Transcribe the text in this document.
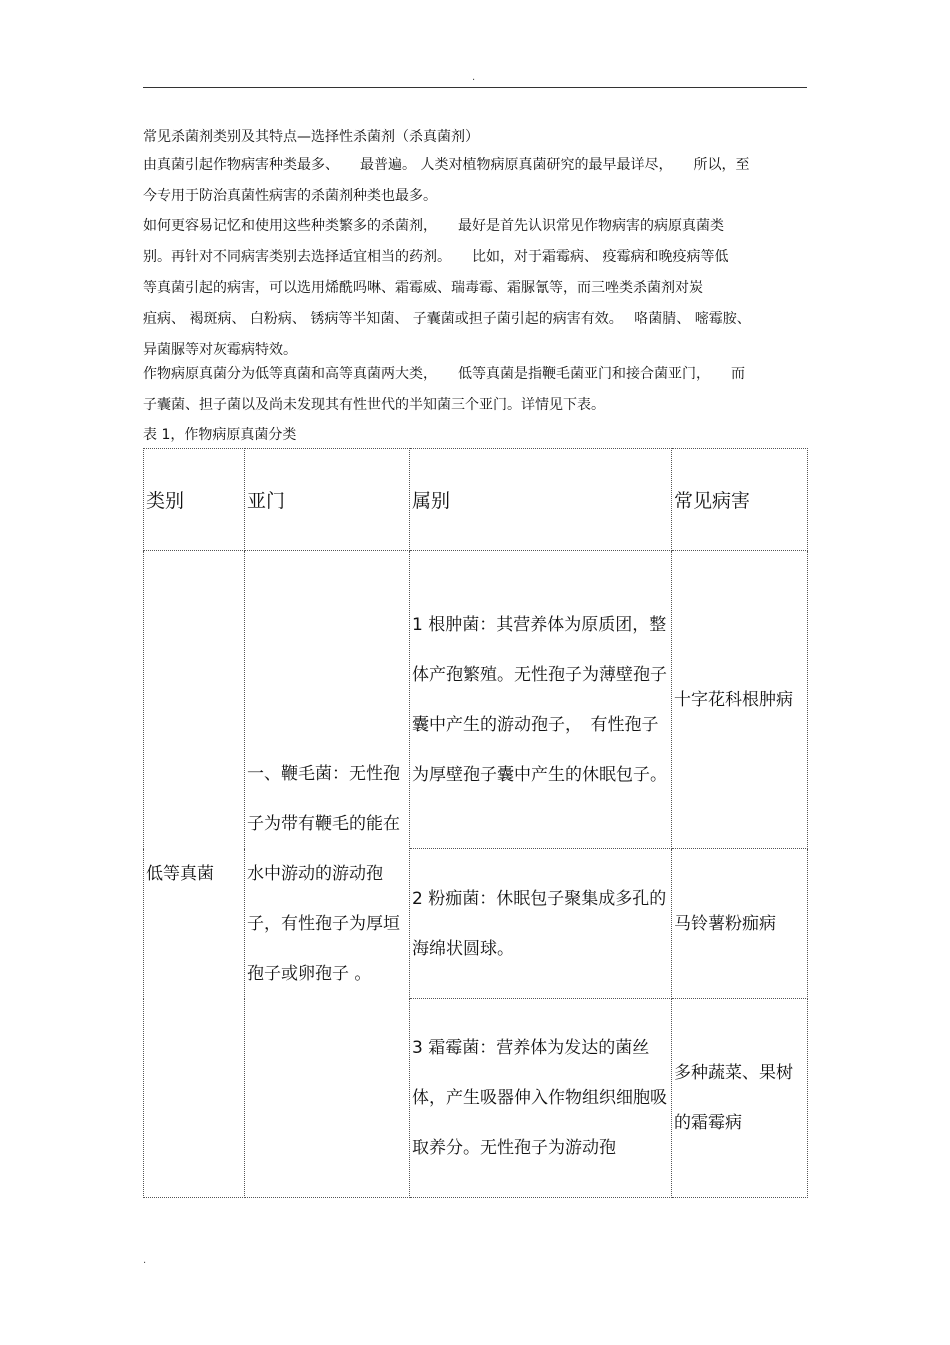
.
常见杀菌剂类别及其特点—选择性杀菌剂（杀真菌剂）
由真菌引起作物病害种类最多、　　最普遍。 人类对植物病原真菌研究的最早最详尽，　　所以，至
今专用于防治真菌性病害的杀菌剂种类也最多。
如何更容易记忆和使用这些种类繁多的杀菌剂，　　最好是首先认识常见作物病害的病原真菌类
别。再针对不同病害类别去选择适宜相当的药剂。　　比如，对于霜霉病、 疫霉病和晚疫病等低
等真菌引起的病害，可以选用烯酰吗啉、霜霉威、瑞毒霉、霜脲氰等，而三唑类杀菌剂对炭
疽病、 褐斑病、 白粉病、 锈病等半知菌、 子囊菌或担子菌引起的病害有效。　 咯菌腈、 嘧霉胺、
异菌脲等对灰霉病特效。
作物病原真菌分为低等真菌和高等真菌两大类，　　低等真菌是指鞭毛菌亚门和接合菌亚门，　　而
子囊菌、担子菌以及尚未发现其有性世代的半知菌三个亚门。详情见下表。
表 1，作物病原真菌分类
类别	亚门	属别	常见病害
低等真菌	一、鞭毛菌：无性孢子为带有鞭毛的能在水中游动的游动孢子，有性孢子为厚垣孢子或卵孢子 。	1 根肿菌：其营养体为原质团，整体产孢繁殖。无性孢子为薄壁孢子囊中产生的游动孢子，　有性孢子为厚壁孢子囊中产生的休眠包子。	十字花科根肿病
		2 粉痂菌：休眠包子聚集成多孔的海绵状圆球。	马铃薯粉痂病
		3 霜霉菌：营养体为发达的菌丝体，产生吸器伸入作物组织细胞吸取养分。无性孢子为游动孢	多种蔬菜、果树的霜霉病
.
